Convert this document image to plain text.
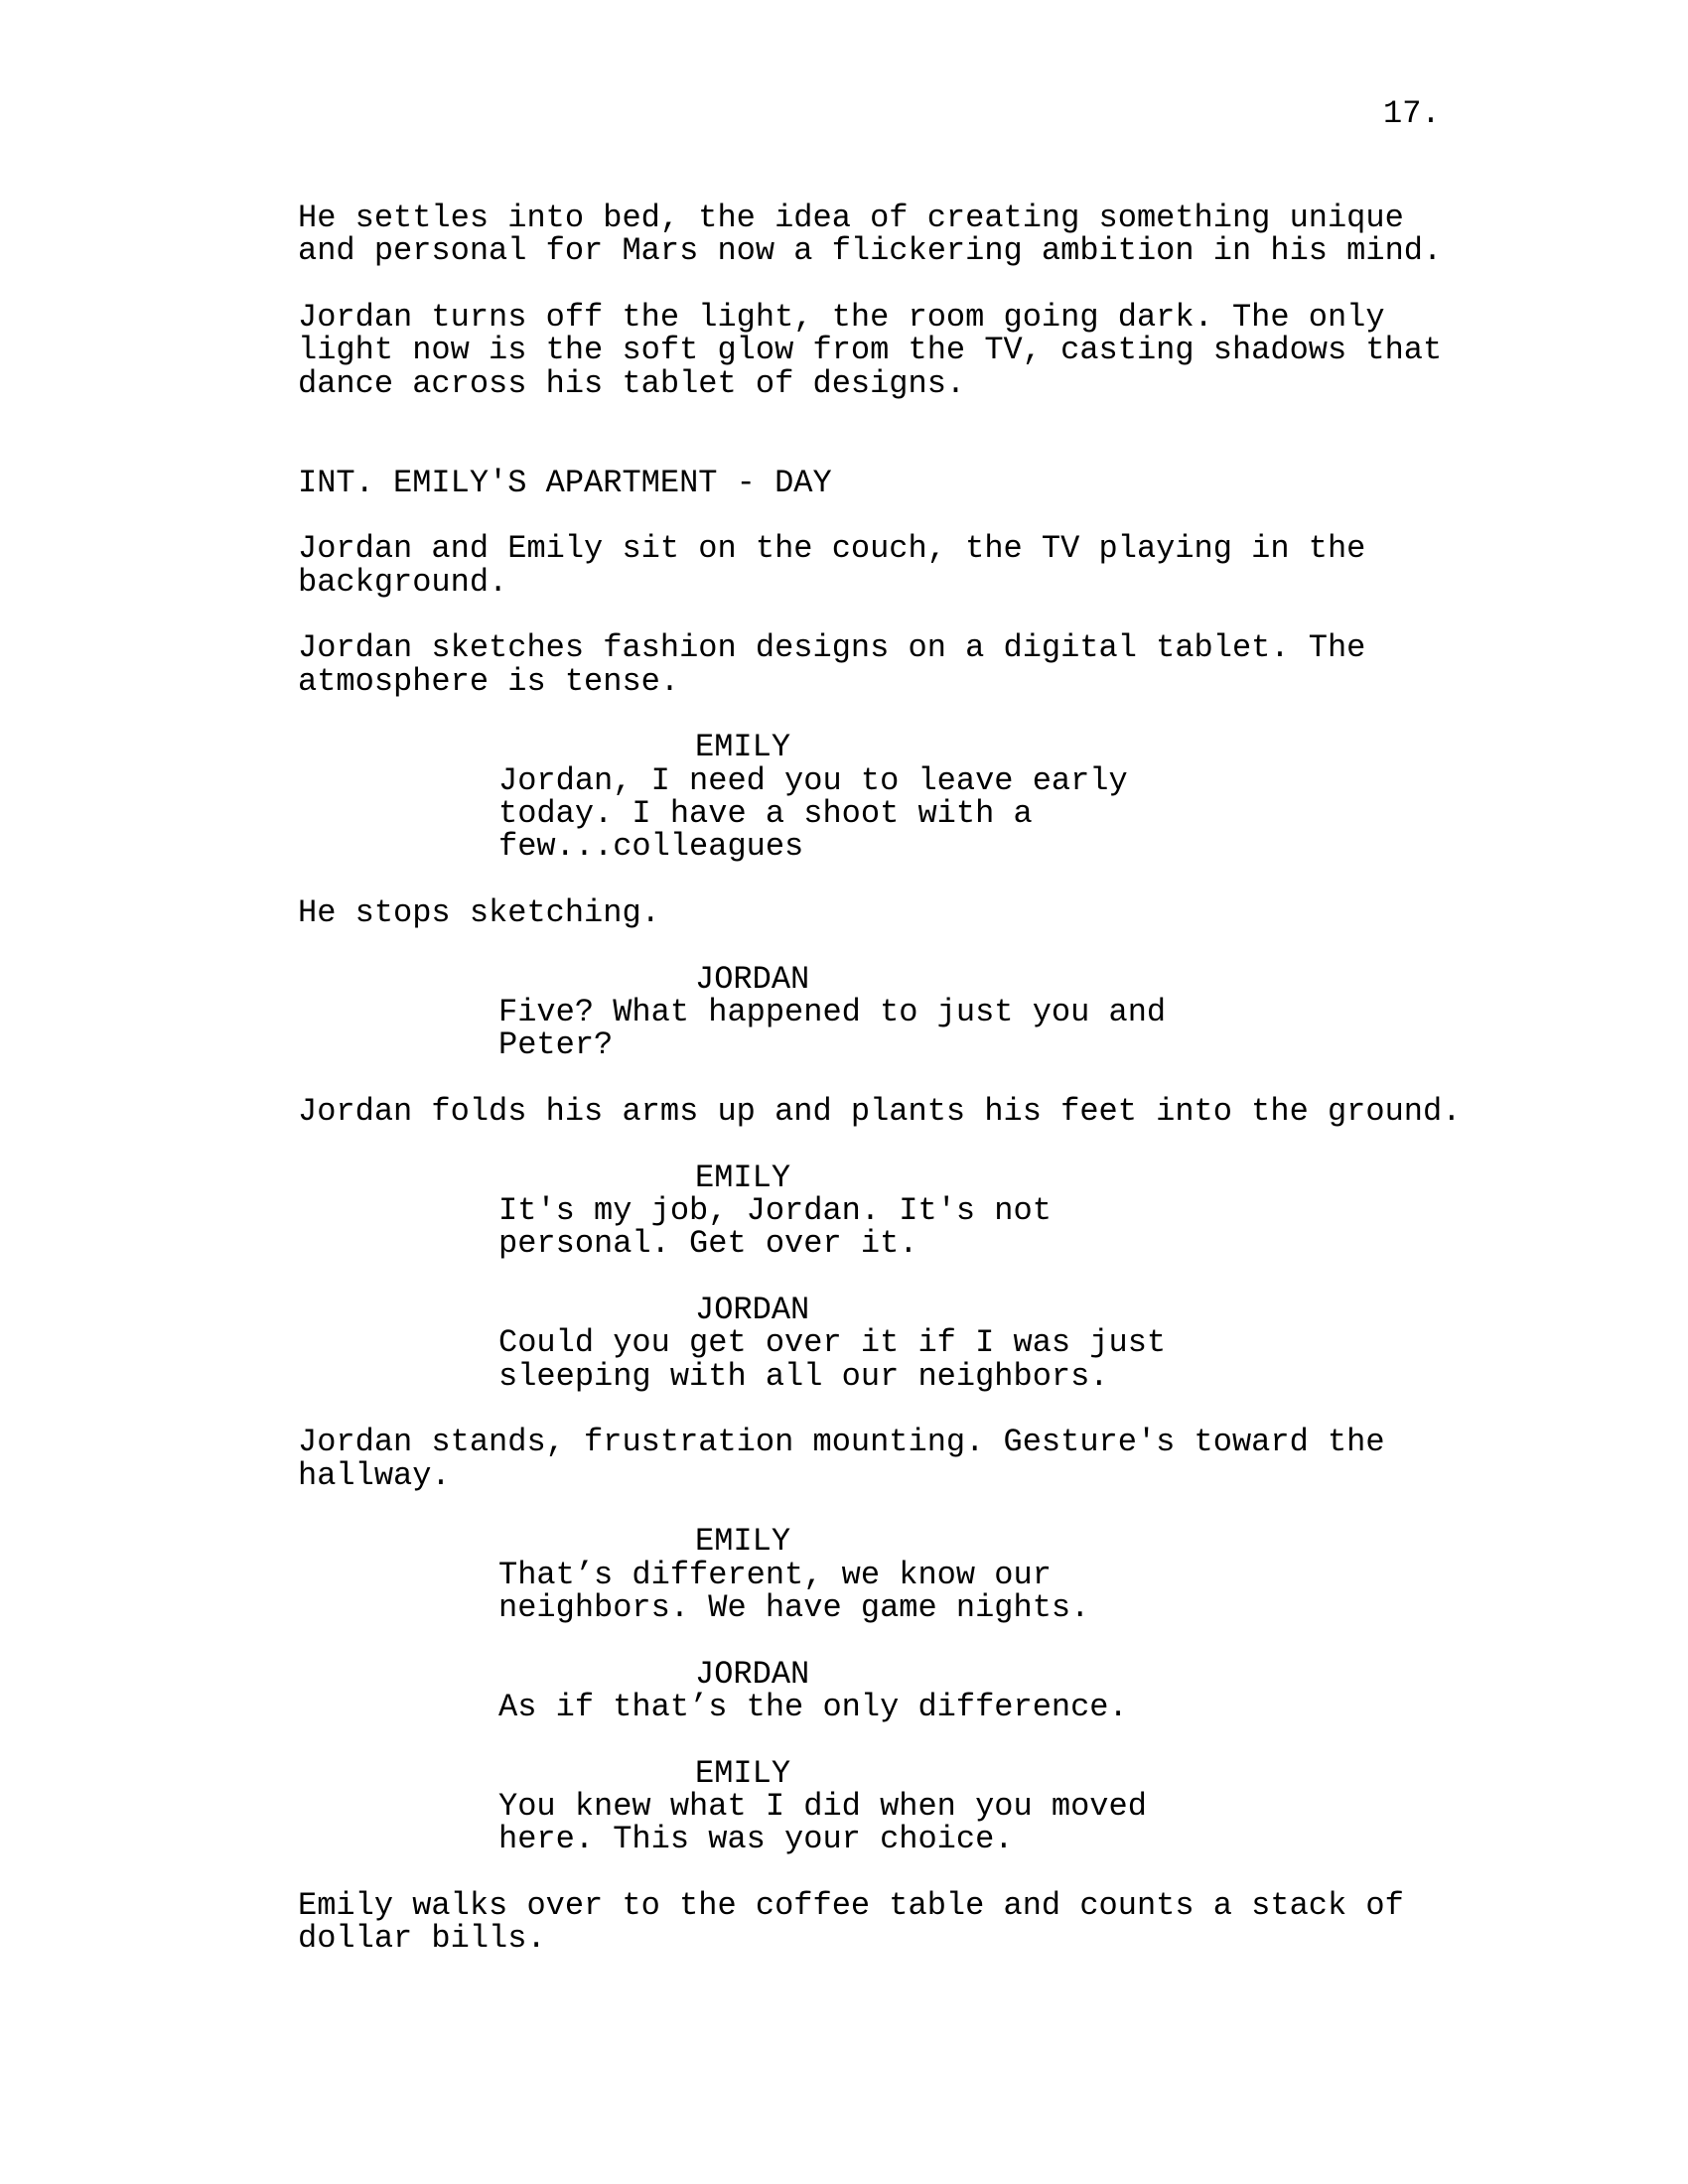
17.
He settles into bed, the idea of creating something unique
and personal for Mars now a flickering ambition in his mind.
Jordan turns off the light, the room going dark. The only
light now is the soft glow from the TV, casting shadows that
dance across his tablet of designs.
INT. EMILY'S APARTMENT - DAY
Jordan and Emily sit on the couch, the TV playing in the
background.
Jordan sketches fashion designs on a digital tablet. The
atmosphere is tense.
EMILY
Jordan, I need you to leave early
today. I have a shoot with a
few...colleagues
He stops sketching.
JORDAN
Five? What happened to just you and
Peter?
Jordan folds his arms up and plants his feet into the ground.
EMILY
It's my job, Jordan. It's not
personal. Get over it.
JORDAN
Could you get over it if I was just
sleeping with all our neighbors.
Jordan stands, frustration mounting. Gesture's toward the
hallway.
EMILY
That’s different, we know our
neighbors. We have game nights.
JORDAN
As if that’s the only difference.
EMILY
You knew what I did when you moved
here. This was your choice.
Emily walks over to the coffee table and counts a stack of
dollar bills.
